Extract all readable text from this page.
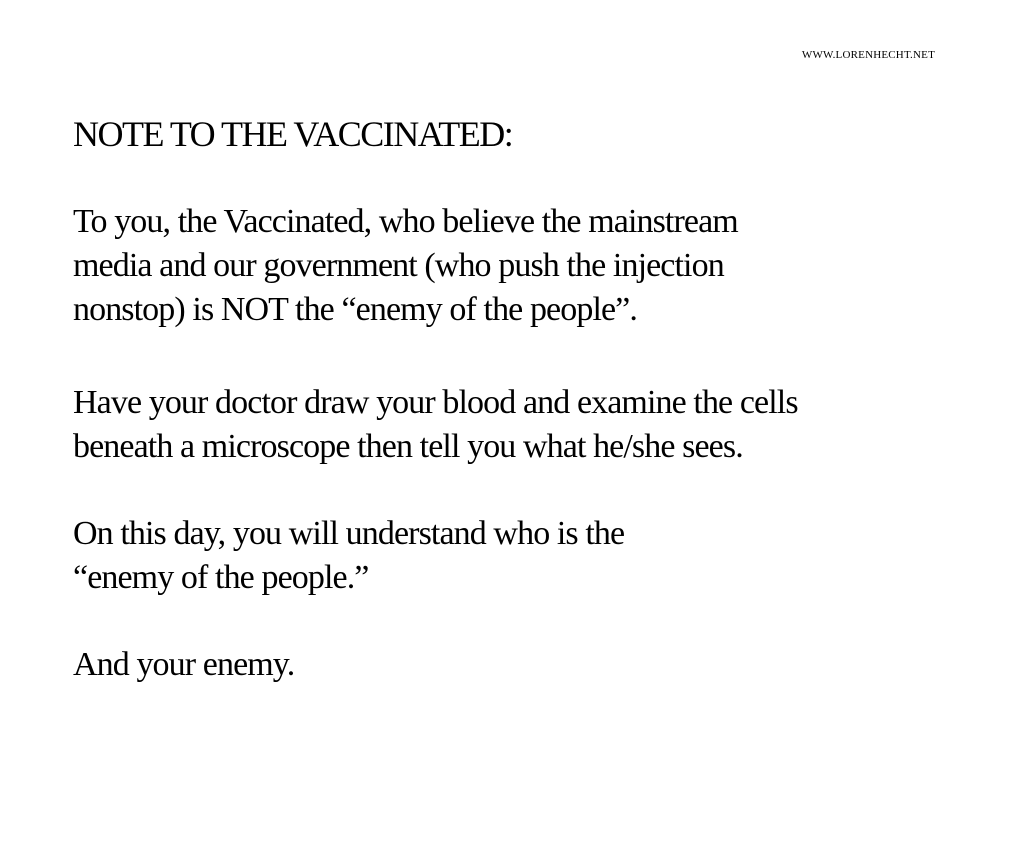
WWW.LORENHECHT.NET
NOTE TO THE VACCINATED:

To you, the Vaccinated, who believe the mainstream
media and our government (who push the injection
nonstop) is NOT the “enemy of the people”.

Have your doctor draw your blood and examine the cells
beneath a microscope then tell you what he/she sees.

On this day, you will understand who is the
“enemy of the people.”

And your enemy.
